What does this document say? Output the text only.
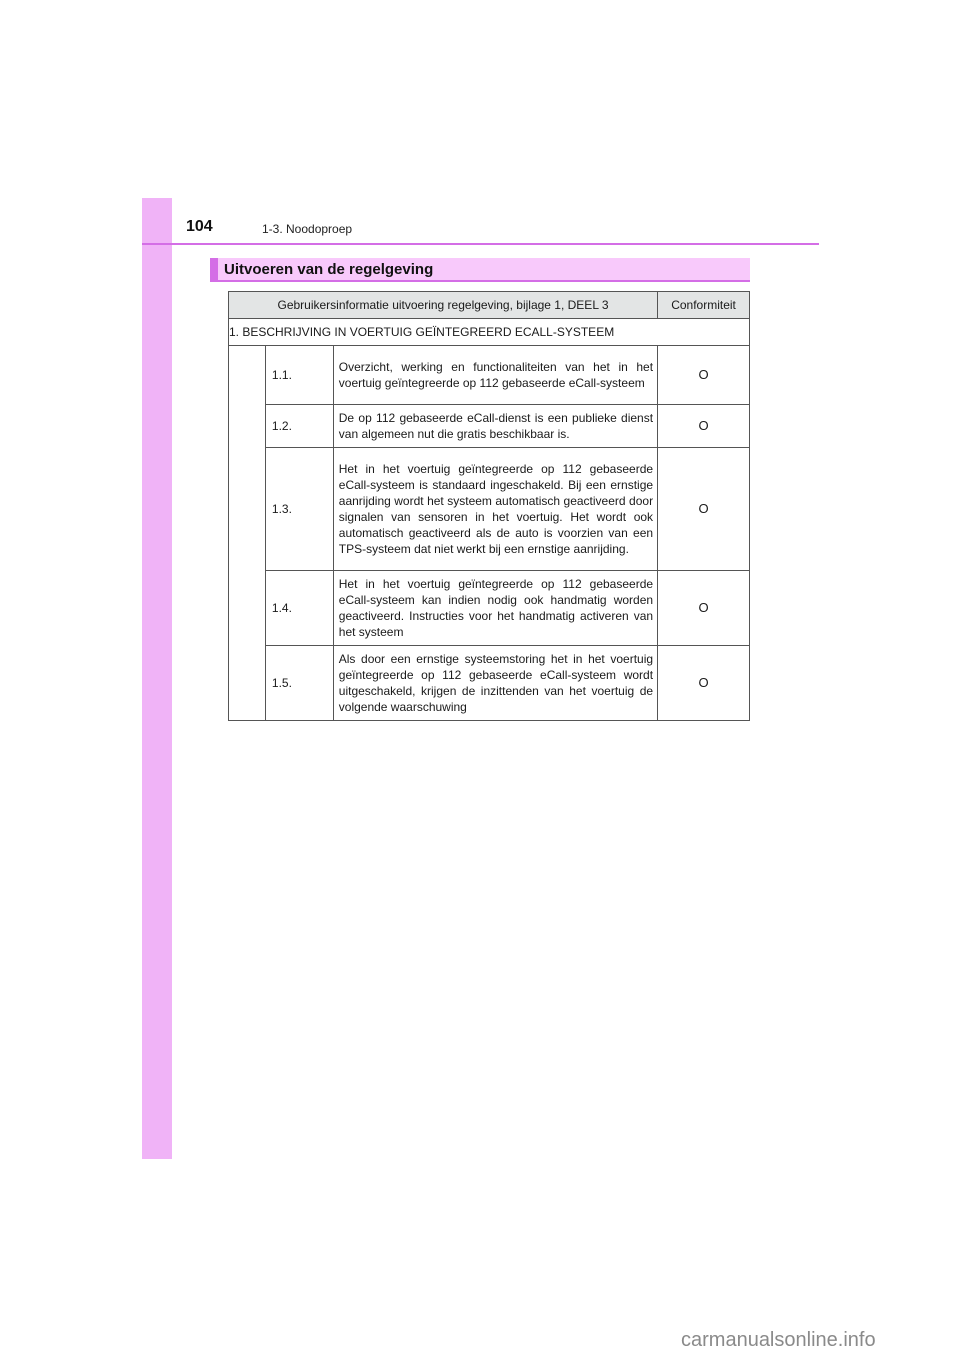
104	1-3. Noodoproep
Uitvoeren van de regelgeving
Gebruikersinformatie uitvoering regelgeving, bijlage 1, DEEL 3			Conformiteit
1. BESCHRIJVING IN VOERTUIG GEÏNTEGREERD ECALL-SYSTEEM			
	1.1.	Overzicht, werking en functionaliteiten van het in het voertuig geïntegreerde op 112 gebaseerde eCall-systeem	O
	1.2.	De op 112 gebaseerde eCall-dienst is een publieke dienst van algemeen nut die gratis beschikbaar is.	O
	1.3.	Het in het voertuig geïntegreerde op 112 gebaseerde eCall-systeem is standaard ingeschakeld. Bij een ernstige aanrijding wordt het systeem automatisch geactiveerd door signalen van sensoren in het voertuig. Het wordt ook automatisch geactiveerd als de auto is voorzien van een TPS-systeem dat niet werkt bij een ernstige aanrijding.	O
	1.4.	Het in het voertuig geïntegreerde op 112 gebaseerde eCall-systeem kan indien nodig ook handmatig worden geactiveerd. Instructies voor het handmatig activeren van het systeem	O
	1.5.	Als door een ernstige systeemstoring het in het voertuig geïntegreerde op 112 gebaseerde eCall-systeem wordt uitgeschakeld, krijgen de inzittenden van het voertuig de volgende waarschuwing	O
carmanualsonline.info
